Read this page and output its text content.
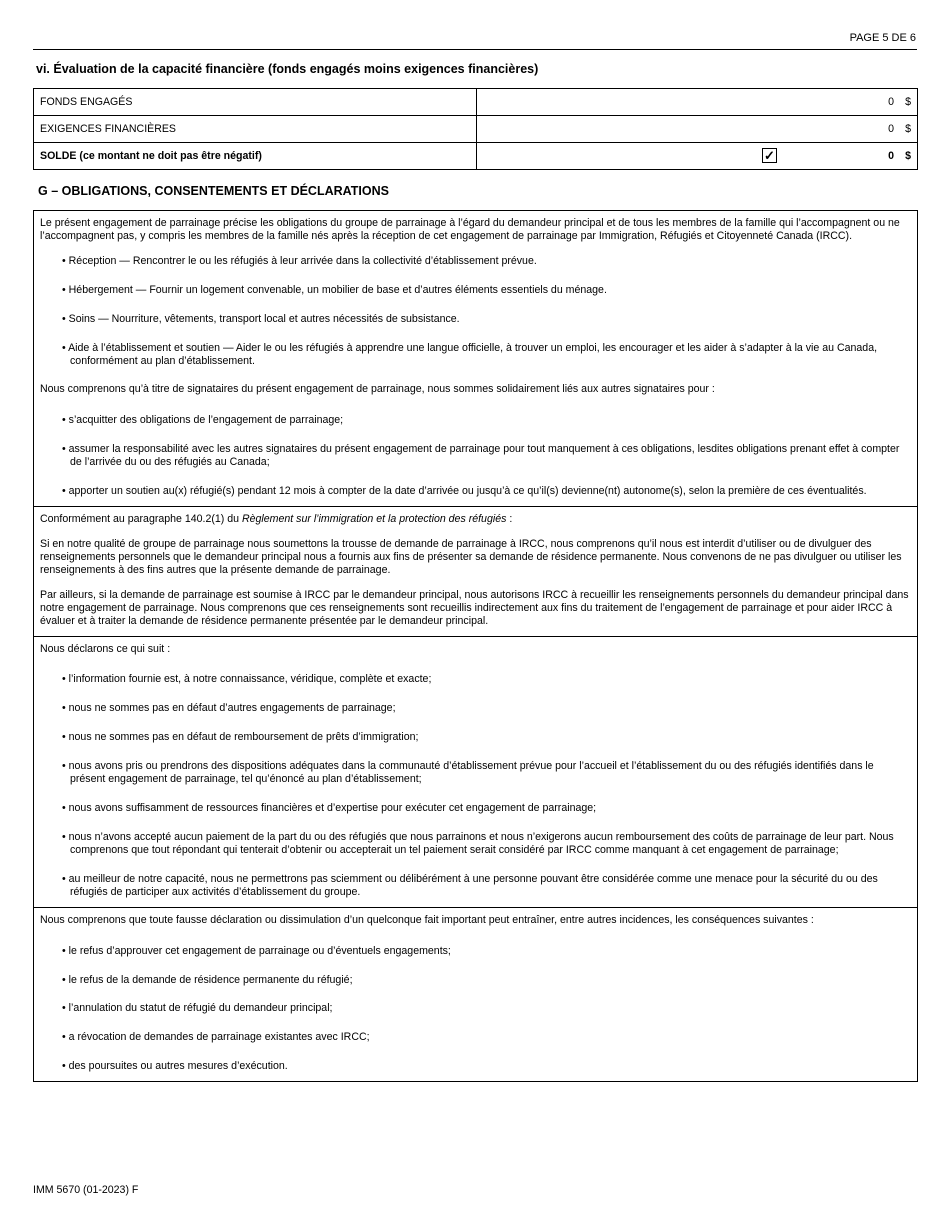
PAGE 5 DE 6
vi. Évaluation de la capacité financière (fonds engagés moins exigences financières)
FONDS ENGAGÉS	0 $
EXIGENCES FINANCIÈRES	0 $
SOLDE (ce montant ne doit pas être négatif)	✓ 0 $
G – OBLIGATIONS, CONSENTEMENTS ET DÉCLARATIONS

Le présent engagement de parrainage précise les obligations du groupe de parrainage à l’égard du demandeur principal et de tous les membres de la famille qui l’accompagnent ou ne l’accompagnent pas, y compris les membres de la famille nés après la réception de cet engagement de parrainage par Immigration, Réfugiés et Citoyenneté Canada (IRCC).

• Réception — Rencontrer le ou les réfugiés à leur arrivée dans la collectivité d’établissement prévue.

• Hébergement — Fournir un logement convenable, un mobilier de base et d’autres éléments essentiels du ménage.

• Soins — Nourriture, vêtements, transport local et autres nécessités de subsistance.

• Aide à l’établissement et soutien — Aider le ou les réfugiés à apprendre une langue officielle, à trouver un emploi, les encourager et les aider à s’adapter à la vie au Canada, conformément au plan d’établissement.

Nous comprenons qu’à titre de signataires du présent engagement de parrainage, nous sommes solidairement liés aux autres signataires pour :

• s’acquitter des obligations de l’engagement de parrainage;

• assumer la responsabilité avec les autres signataires du présent engagement de parrainage pour tout manquement à ces obligations, lesdites obligations prenant effet à compter de l’arrivée du ou des réfugiés au Canada;

• apporter un soutien au(x) réfugié(s) pendant 12 mois à compter de la date d’arrivée ou jusqu’à ce qu’il(s) devienne(nt) autonome(s), selon la première de ces éventualités.

Conformément au paragraphe 140.2(1) du Règlement sur l’immigration et la protection des réfugiés :

Si en notre qualité de groupe de parrainage nous soumettons la trousse de demande de parrainage à IRCC, nous comprenons qu’il nous est interdit d’utiliser ou de divulguer des renseignements personnels que le demandeur principal nous a fournis aux fins de présenter sa demande de résidence permanente. Nous convenons de ne pas divulguer ou utiliser les renseignements à des fins autres que la présente demande de parrainage.

Par ailleurs, si la demande de parrainage est soumise à IRCC par le demandeur principal, nous autorisons IRCC à recueillir les renseignements personnels du demandeur principal dans notre engagement de parrainage. Nous comprenons que ces renseignements sont recueillis indirectement aux fins du traitement de l’engagement de parrainage et pour aider IRCC à évaluer et à traiter la demande de résidence permanente présentée par le demandeur principal.

Nous déclarons ce qui suit :

• l’information fournie est, à notre connaissance, véridique, complète et exacte;

• nous ne sommes pas en défaut d’autres engagements de parrainage;

• nous ne sommes pas en défaut de remboursement de prêts d’immigration;

• nous avons pris ou prendrons des dispositions adéquates dans la communauté d’établissement prévue pour l’accueil et l’établissement du ou des réfugiés identifiés dans le présent engagement de parrainage, tel qu’énoncé au plan d’établissement;

• nous avons suffisamment de ressources financières et d’expertise pour exécuter cet engagement de parrainage;

• nous n’avons accepté aucun paiement de la part du ou des réfugiés que nous parrainons et nous n’exigerons aucun remboursement des coûts de parrainage de leur part. Nous comprenons que tout répondant qui tenterait d’obtenir ou accepterait un tel paiement serait considéré par IRCC comme manquant à cet engagement de parrainage;

• au meilleur de notre capacité, nous ne permettrons pas sciemment ou délibérément à une personne pouvant être considérée comme une menace pour la sécurité du ou des réfugiés de participer aux activités d’établissement du groupe.

Nous comprenons que toute fausse déclaration ou dissimulation d’un quelconque fait important peut entraîner, entre autres incidences, les conséquences suivantes :

• le refus d’approuver cet engagement de parrainage ou d’éventuels engagements;

• le refus de la demande de résidence permanente du réfugié;

• l’annulation du statut de réfugié du demandeur principal;

• a révocation de demandes de parrainage existantes avec IRCC;

• des poursuites ou autres mesures d’exécution.

IMM 5670 (01-2023) F
